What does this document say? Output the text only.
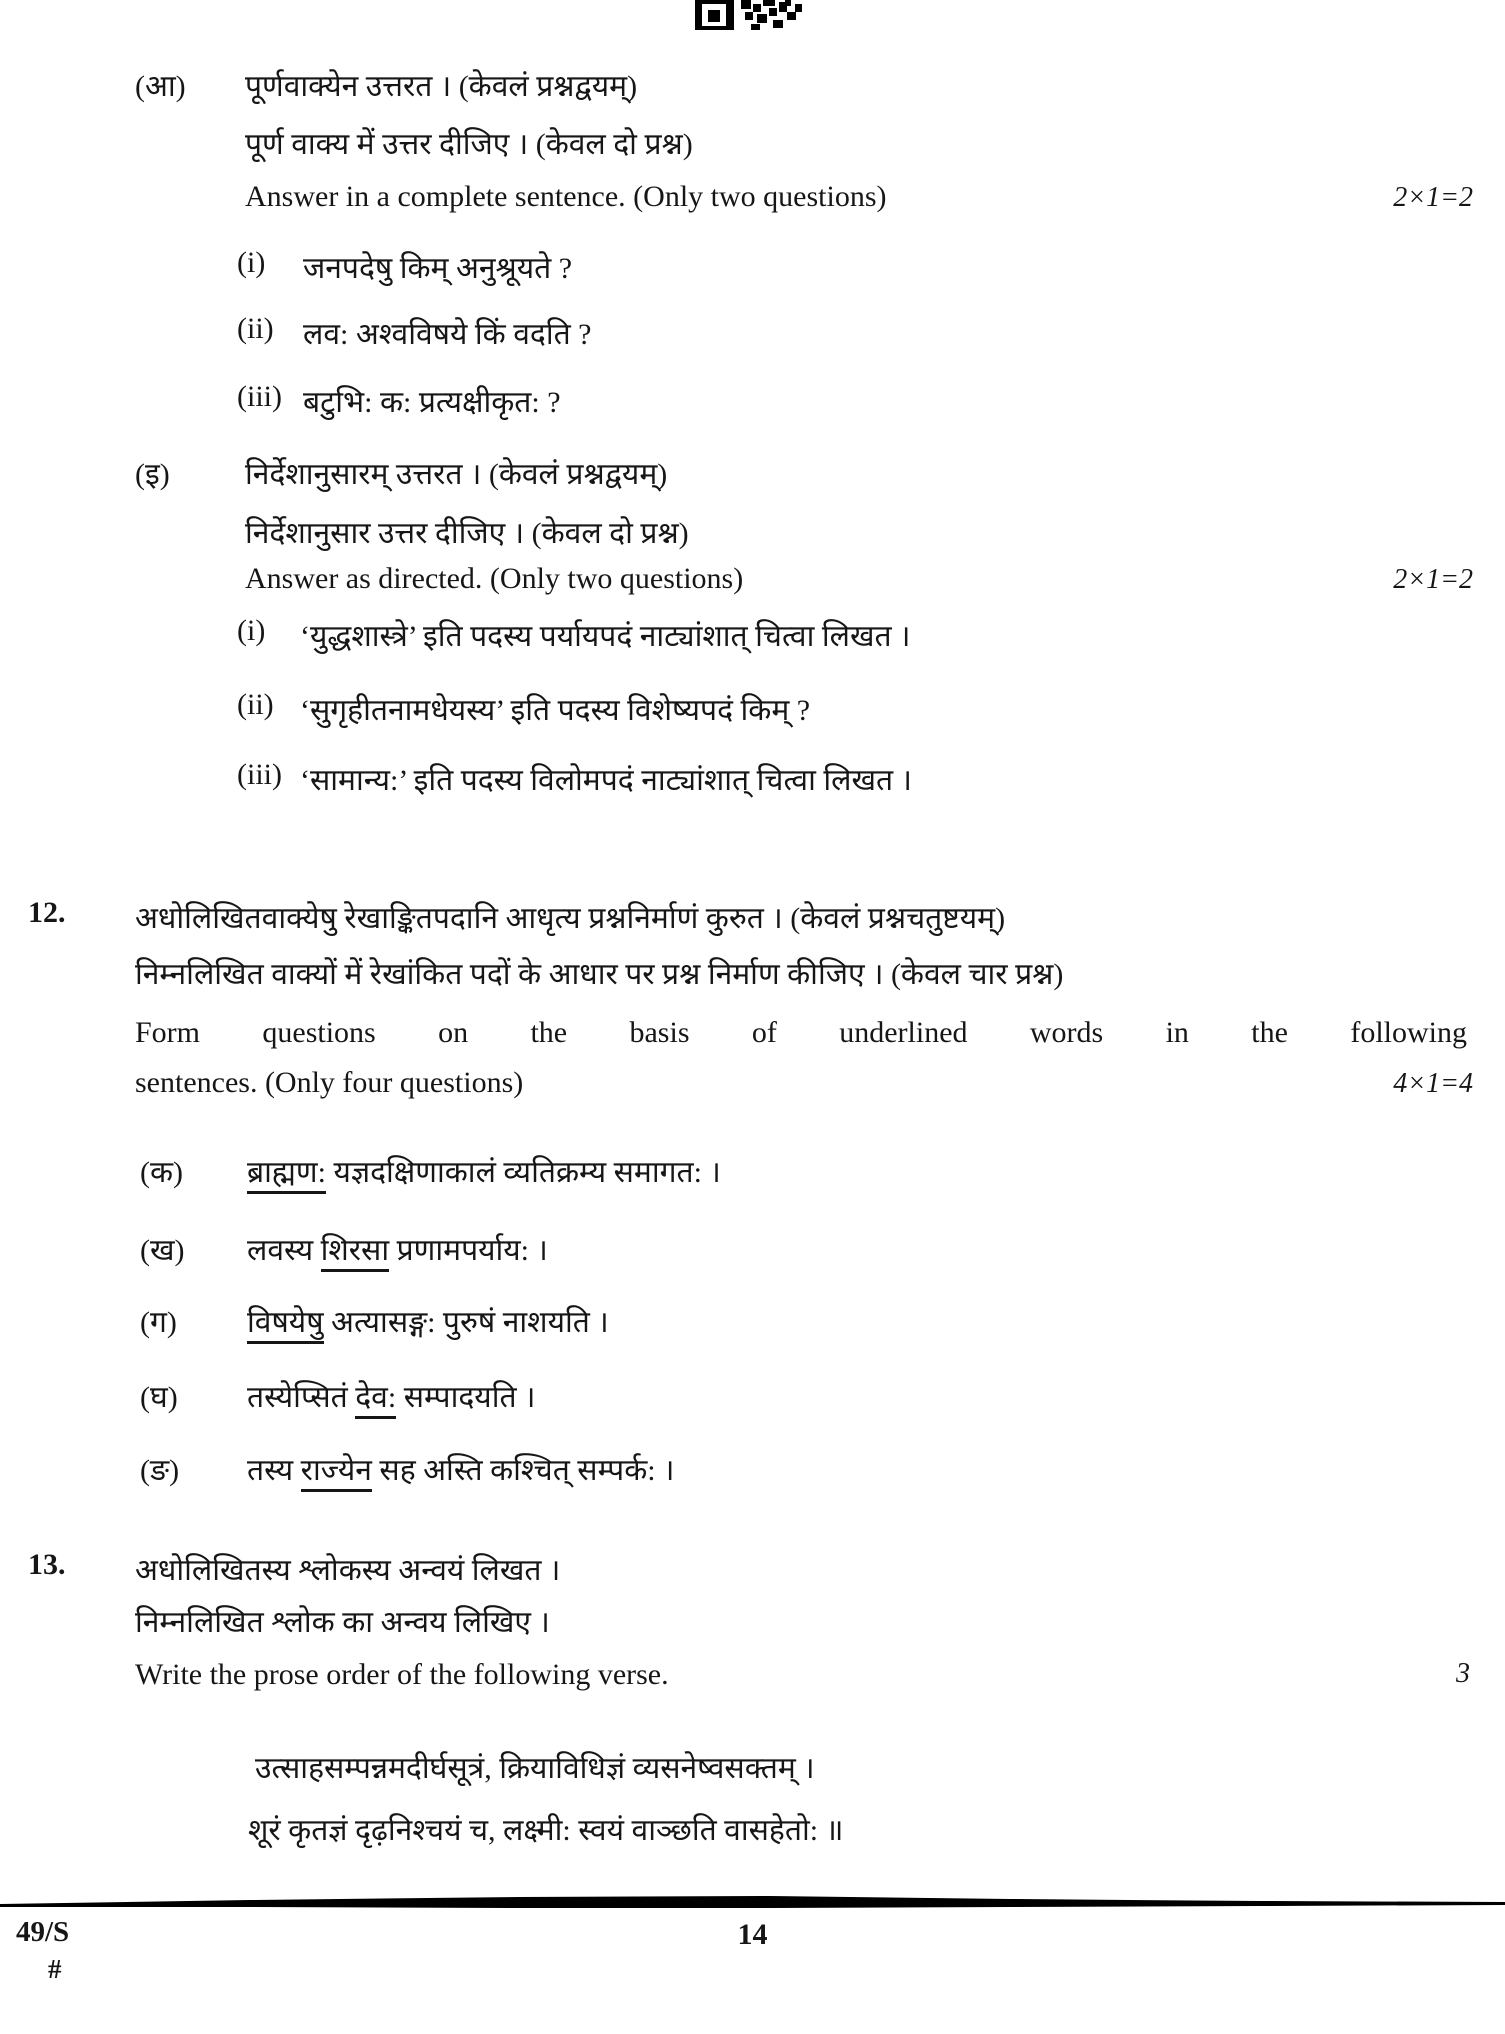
(आ) पूर्णवाक्येन उत्तरत । (केवलं प्रश्नद्वयम्)
पूर्ण वाक्य में उत्तर दीजिए । (केवल दो प्रश्न)
Answer in a complete sentence. (Only two questions)	2×1=2
(i) जनपदेषु किम् अनुश्रूयते ?
(ii) लव: अश्वविषये किं वदति ?
(iii) बटुभि: क: प्रत्यक्षीकृत: ?
(इ)	निर्देशानुसारम् उत्तरत । (केवलं प्रश्नद्वयम्)
निर्देशानुसार उत्तर दीजिए । (केवल दो प्रश्न)
Answer as directed. (Only two questions)	2×1=2
(i) ‘युद्धशास्त्रे’ इति पदस्य पर्यायपदं नाट्यांशात् चित्वा लिखत ।
(ii) ‘सुगृहीतनामधेयस्य’ इति पदस्य विशेष्यपदं किम् ?
(iii) ‘सामान्य:’ इति पदस्य विलोमपदं नाट्यांशात् चित्वा लिखत ।
12. अधोलिखितवाक्येषु रेखाङ्कितपदानि आधृत्य प्रश्ननिर्माणं कुरुत । (केवलं प्रश्नचतुष्टयम्)
निम्नलिखित वाक्यों में रेखांकित पदों के आधार पर प्रश्न निर्माण कीजिए । (केवल चार प्रश्न)
Form questions on the basis of underlined words in the following
sentences. (Only four questions)	4×1=4
(क) ब्राह्मण: यज्ञदक्षिणाकालं व्यतिक्रम्य समागत: ।
(ख) लवस्य शिरसा प्रणामपर्याय: ।
(ग) विषयेषु अत्यासङ्ग: पुरुषं नाशयति ।
(घ) तस्येप्सितं देव: सम्पादयति ।
(ङ) तस्य राज्येन सह अस्ति कश्चित् सम्पर्क: ।
13. अधोलिखितस्य श्लोकस्य अन्वयं लिखत ।
निम्नलिखित श्लोक का अन्वय लिखिए ।
Write the prose order of the following verse.	3
उत्साहसम्पन्नमदीर्घसूत्रं, क्रियाविधिज्ञं व्यसनेष्वसक्तम् ।
शूरं कृतज्ञं दृढ़निश्चयं च, लक्ष्मी: स्वयं वाञ्छति वासहेतो: ॥
49/S
#
14
